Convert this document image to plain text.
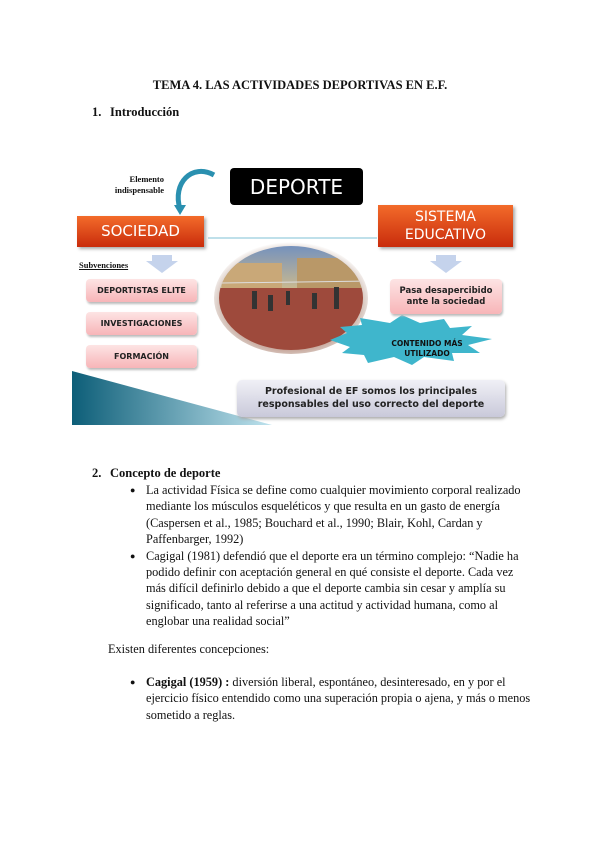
TEMA 4. LAS ACTIVIDADES DEPORTIVAS EN E.F.
1. Introducción
DEPORTE
Elemento
indispensable
SOCIEDAD
SISTEMA
EDUCATIVO
Subvenciones
DEPORTISTAS ELITE
INVESTIGACIONES
FORMACIÓN
Pasa desapercibido
ante la sociedad
CONTENIDO MÁS
UTILIZADO
Profesional de EF somos los principales
responsables del uso correcto del deporte
2. Concepto de deporte
● La actividad Física se define como cualquier movimiento corporal realizado
mediante los músculos esqueléticos y que resulta en un gasto de energía
(Caspersen et al., 1985; Bouchard et al., 1990; Blair, Kohl, Cardan y
Paffenbarger, 1992)
● Cagigal (1981) defendió que el deporte era un término complejo: “Nadie ha
podido definir con aceptación general en qué consiste el deporte. Cada vez
más difícil definirlo debido a que el deporte cambia sin cesar y amplía su
significado, tanto al referirse a una actitud y actividad humana, como al
englobar una realidad social”
Existen diferentes concepciones:
● Cagigal (1959) : diversión liberal, espontáneo, desinteresado, en y por el
ejercicio físico entendido como una superación propia o ajena, y más o menos
sometido a reglas.
